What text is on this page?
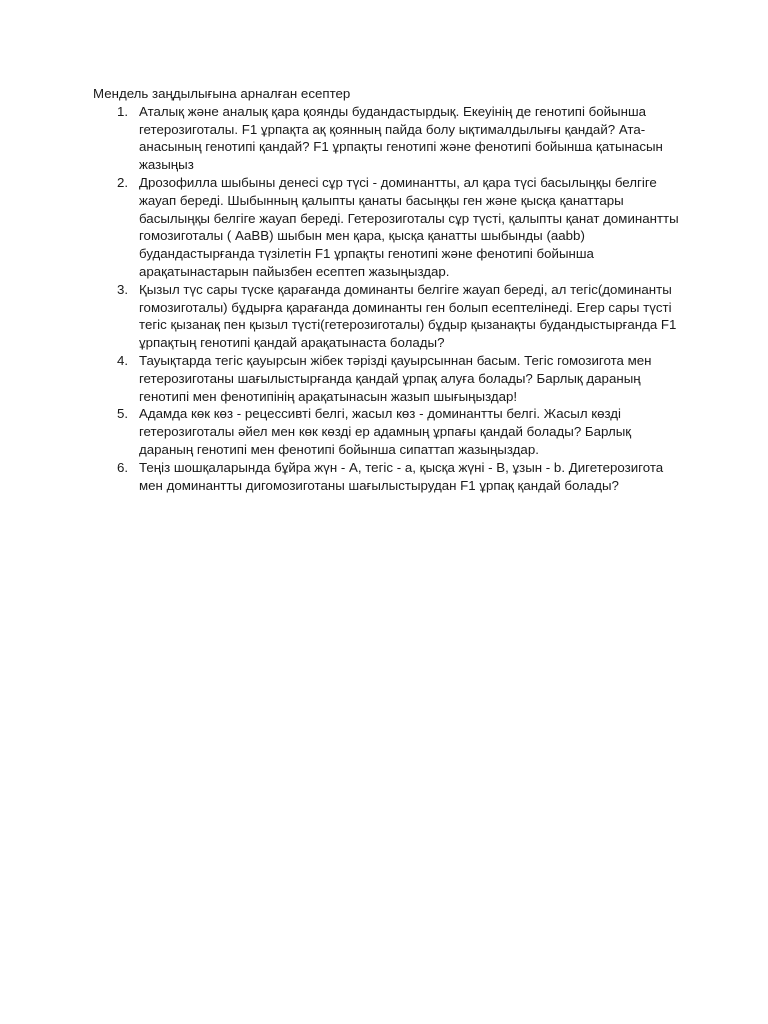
Мендель заңдылығына арналған есептер

1. Аталық және аналық қара қоянды будандастырдық. Екеуінің де генотипі бойынша гетерозиготалы. F1 ұрпақта ақ қоянның пайда болу ықтималдылығы қандай? Ата-анасының генотипі қандай? F1 ұрпақты генотипі және фенотипі бойынша қатынасын жазыңыз
2. Дрозофилла шыбыны денесі сұр түсі - доминантты, ал қара түсі басылыңқы белгіге жауап береді. Шыбынның қалыпты қанаты басыңқы ген және қысқа қанаттары басылыңқы белгіге жауап береді. Гетерозиготалы сұр түсті, қалыпты қанат доминантты гомозиготалы ( АаВВ) шыбын мен қара, қысқа қанатты шыбынды (aabb) будандастырғанда түзілетін F1 ұрпақты генотипі және фенотипі бойынша арақатынастарын пайызбен есептеп жазыңыздар.
3. Қызыл түс сары түске қарағанда доминанты белгіге жауап береді, ал тегіс(доминанты гомозиготалы) бұдырға қарағанда доминанты ген болып есептелінеді. Егер сары түсті тегіс қызанақ пен қызыл түсті(гетерозиготалы) бұдыр қызанақты будандыстырғанда F1 ұрпақтың генотипі қандай арақатынаста болады?
4. Тауықтарда тегіс қауырсын жібек тәрізді қауырсыннан басым. Тегіс гомозигота мен гетерозиготаны шағылыстырғанда қандай ұрпақ алуға болады? Барлық дараның генотипі мен фенотипінің арақатынасын жазып шығыңыздар!
5. Адамда көк көз - рецессивті белгі, жасыл көз - доминантты белгі. Жасыл көзді гетерозиготалы әйел мен көк көзді ер адамның ұрпағы қандай болады? Барлық дараның генотипі мен фенотипі бойынша сипаттап жазыңыздар.
6. Теңіз шошқаларында бұйра жүн - А, тегіс - а, қысқа жүні - В, ұзын - b. Дигетерозигота мен доминантты дигомозиготаны шағылыстырудан F1 ұрпақ қандай болады?
